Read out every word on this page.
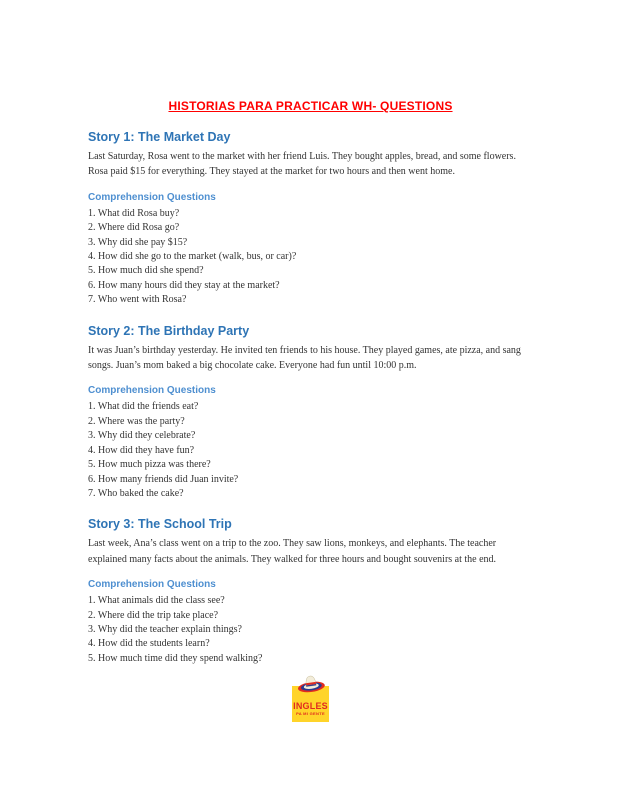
HISTORIAS PARA PRACTICAR WH- QUESTIONS
Story 1: The Market Day

Last Saturday, Rosa went to the market with her friend Luis. They bought apples, bread, and some flowers. Rosa paid $15 for everything. They stayed at the market for two hours and then went home.

Comprehension Questions
1. What did Rosa buy?
2. Where did Rosa go?
3. Why did she pay $15?
4. How did she go to the market (walk, bus, or car)?
5. How much did she spend?
6. How many hours did they stay at the market?
7. Who went with Rosa?
Story 2: The Birthday Party

It was Juan’s birthday yesterday. He invited ten friends to his house. They played games, ate pizza, and sang songs. Juan’s mom baked a big chocolate cake. Everyone had fun until 10:00 p.m.

Comprehension Questions
1. What did the friends eat?
2. Where was the party?
3. Why did they celebrate?
4. How did they have fun?
5. How much pizza was there?
6. How many friends did Juan invite?
7. Who baked the cake?
Story 3: The School Trip

Last week, Ana’s class went on a trip to the zoo. They saw lions, monkeys, and elephants. The teacher explained many facts about the animals. They walked for three hours and bought souvenirs at the end.

Comprehension Questions
1. What animals did the class see?
2. Where did the trip take place?
3. Why did the teacher explain things?
4. How did the students learn?
5. How much time did they spend walking?
INGLES
PA MI GENTE
